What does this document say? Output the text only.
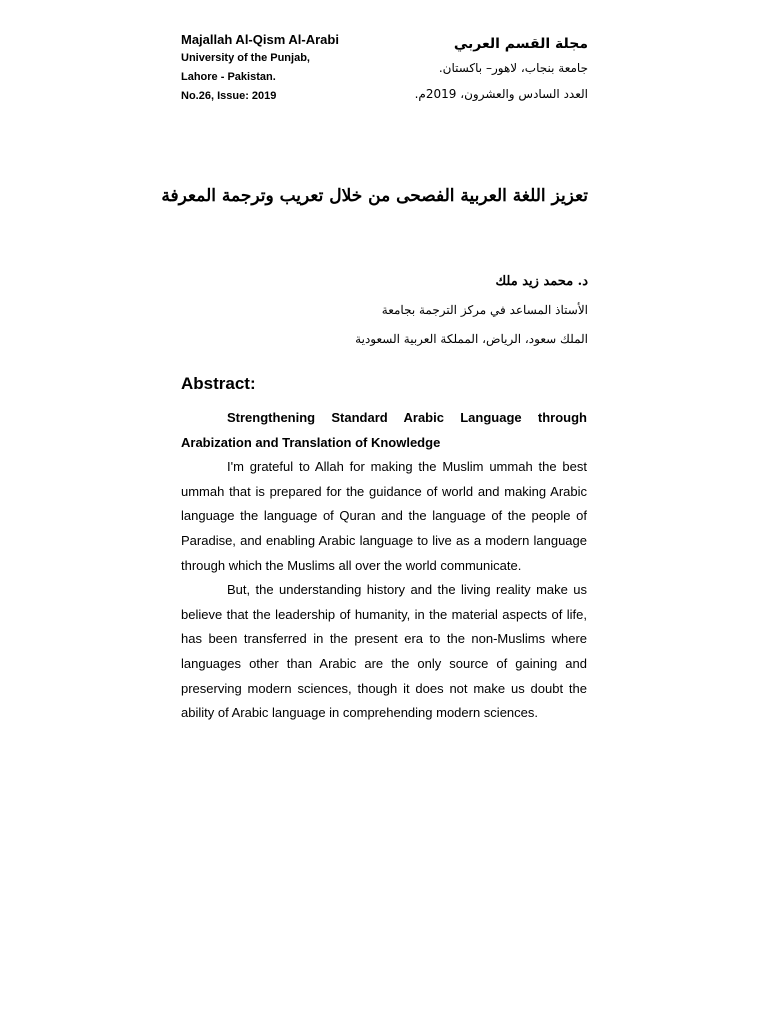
Majallah Al-Qism Al-Arabi
University of the Punjab,
Lahore - Pakistan.
No.26, Issue: 2019
مجلة القسم العربي
جامعة بنجاب، لاهور– باكستان.
العدد السادس والعشرون، 2019م.
تعزيز اللغة العربية الفصحى من خلال تعريب وترجمة المعرفة
د. محمد زيد ملك
الأستاذ المساعد في مركز الترجمة بجامعة
الملك سعود، الرياض، المملكة العربية السعودية
Abstract:

Strengthening Standard Arabic Language through Arabization and Translation of Knowledge

I'm grateful to Allah for making the Muslim ummah the best ummah that is prepared for the guidance of world and making Arabic language the language of Quran and the language of the people of Paradise, and enabling Arabic language to live as a modern language through which the Muslims all over the world communicate.

But, the understanding history and the living reality make us believe that the leadership of humanity, in the material aspects of life, has been transferred in the present era to the non-Muslims where languages other than Arabic are the only source of gaining and preserving modern sciences, though it does not make us doubt the ability of Arabic language in comprehending modern sciences.
